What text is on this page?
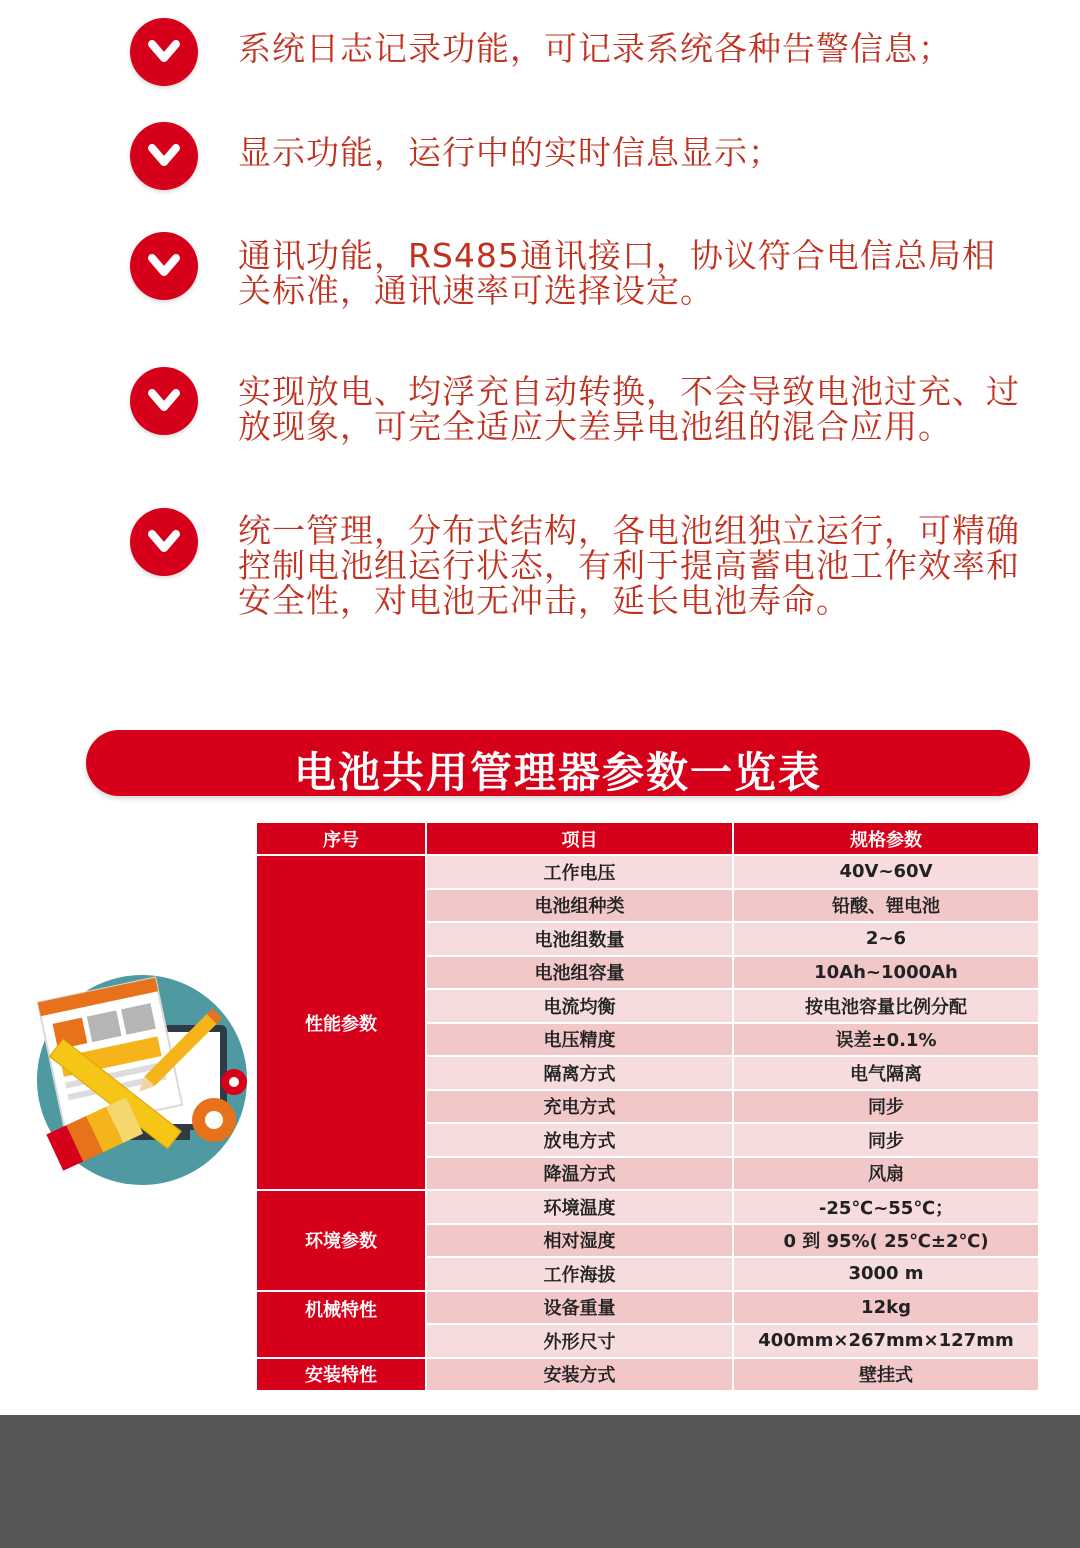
系统日志记录功能，可记录系统各种告警信息；
显示功能，运行中的实时信息显示；
通讯功能，RS485通讯接口，协议符合电信总局相关标准，通讯速率可选择设定。
实现放电、均浮充自动转换，不会导致电池过充、过放现象，可完全适应大差异电池组的混合应用。
统一管理，分布式结构，各电池组独立运行，可精确控制电池组运行状态，有利于提高蓄电池工作效率和安全性，对电池无冲击，延长电池寿命。
电池共用管理器参数一览表
序号	项目	规格参数
性能参数	工作电压	40V~60V
	电池组种类	铅酸、锂电池
	电池组数量	2~6
	电池组容量	10Ah~1000Ah
	电流均衡	按电池容量比例分配
	电压精度	误差±0.1%
	隔离方式	电气隔离
	充电方式	同步
	放电方式	同步
	降温方式	风扇
环境参数	环境温度	-25℃~55℃；
	相对湿度	0 到 95%( 25℃±2℃)
	工作海拔	3000 m
机械特性	设备重量	12kg
	外形尺寸	400mm×267mm×127mm
安装特性	安装方式	壁挂式
